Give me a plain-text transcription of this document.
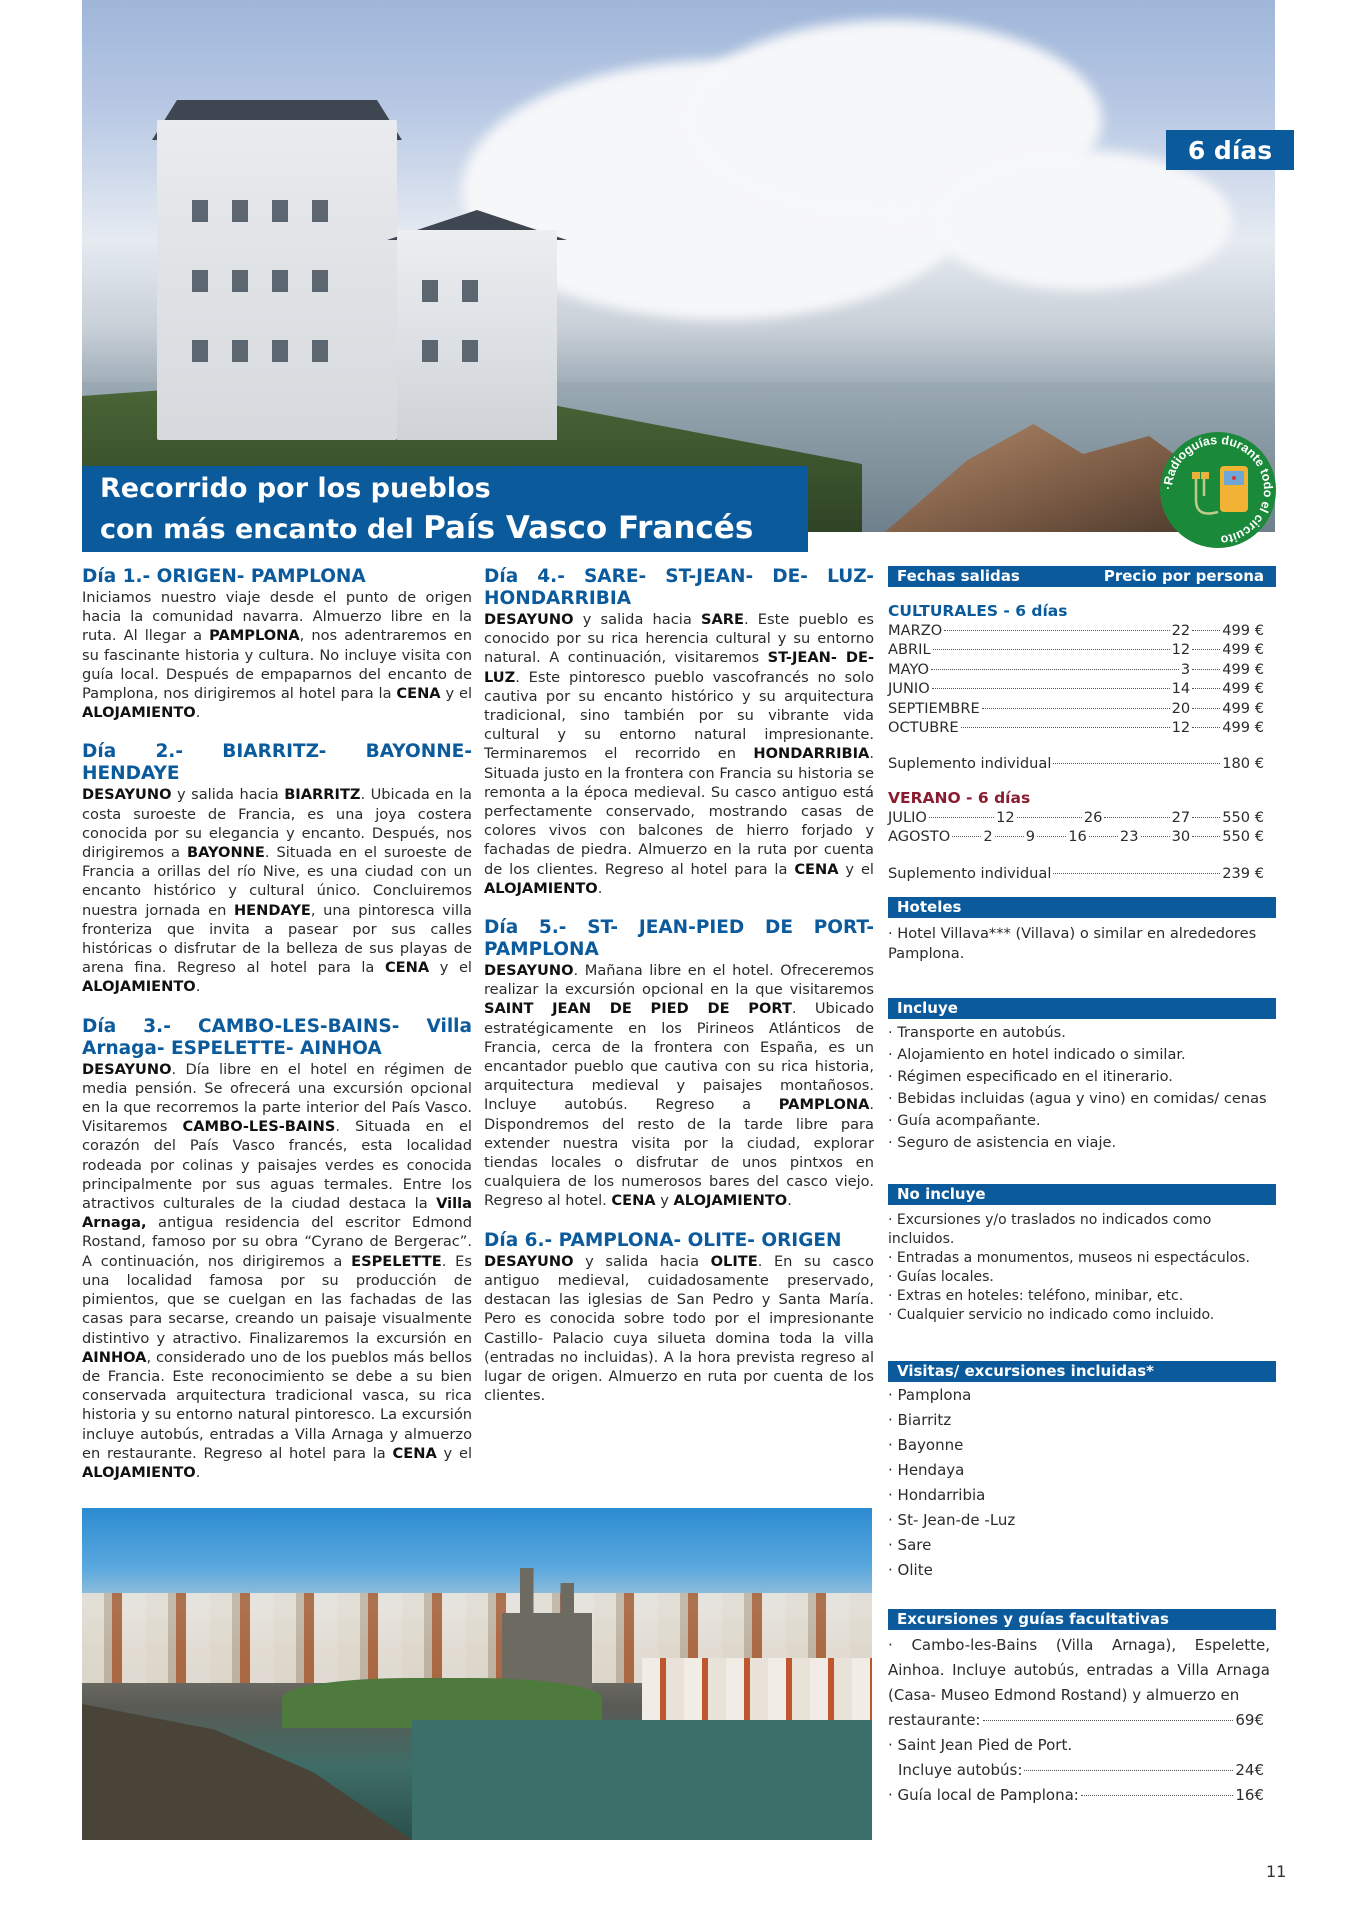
6 días
Recorrido por los pueblos
con más encanto del País Vasco Francés
·Radioguías durante todo el circuito
Día 1.- ORIGEN- PAMPLONA

Iniciamos nuestro viaje desde el punto de origen hacia la comunidad navarra. Almuerzo libre en la ruta. Al llegar a PAMPLONA, nos adentraremos en su fascinante historia y cultura. No incluye visita con guía local. Después de empaparnos del encanto de Pamplona, nos dirigiremos al hotel para la CENA y el ALOJAMIENTO.

Día 2.- BIARRITZ- BAYONNE- HENDAYE

DESAYUNO y salida hacia BIARRITZ. Ubicada en la costa suroeste de Francia, es una joya costera conocida por su elegancia y encanto. Después, nos dirigiremos a BAYONNE. Situada en el suroeste de Francia a orillas del río Nive, es una ciudad con un encanto histórico y cultural único. Concluiremos nuestra jornada en HENDAYE, una pintoresca villa fronteriza que invita a pasear por sus calles históricas o disfrutar de la belleza de sus playas de arena fina. Regreso al hotel para la CENA y el ALOJAMIENTO.

Día 3.- CAMBO-LES-BAINS- Villa Arnaga- ESPELETTE- AINHOA

DESAYUNO. Día libre en el hotel en régimen de media pensión. Se ofrecerá una excursión opcional en la que recorremos la parte interior del País Vasco. Visitaremos CAMBO-LES-BAINS. Situada en el corazón del País Vasco francés, esta localidad rodeada por colinas y paisajes verdes es conocida principalmente por sus aguas termales. Entre los atractivos culturales de la ciudad destaca la Villa Arnaga, antigua residencia del escritor Edmond Rostand, famoso por su obra “Cyrano de Bergerac”. A continuación, nos dirigiremos a ESPELETTE. Es una localidad famosa por su producción de pimientos, que se cuelgan en las fachadas de las casas para secarse, creando un paisaje visualmente distintivo y atractivo. Finalizaremos la excursión en AINHOA, considerado uno de los pueblos más bellos de Francia. Este reconocimiento se debe a su bien conservada arquitectura tradicional vasca, su rica historia y su entorno natural pintoresco. La excursión incluye autobús, entradas a Villa Arnaga y almuerzo en restaurante. Regreso al hotel para la CENA y el ALOJAMIENTO.

Día 4.- SARE- ST-JEAN- DE- LUZ- HONDARRIBIA

DESAYUNO y salida hacia SARE. Este pueblo es conocido por su rica herencia cultural y su entorno natural. A continuación, visitaremos ST-JEAN- DE- LUZ. Este pintoresco pueblo vascofrancés no solo cautiva por su encanto histórico y su arquitectura tradicional, sino también por su vibrante vida cultural y su entorno natural impresionante. Terminaremos el recorrido en HONDARRIBIA. Situada justo en la frontera con Francia su historia se remonta a la época medieval. Su casco antiguo está perfectamente conservado, mostrando casas de colores vivos con balcones de hierro forjado y fachadas de piedra. Almuerzo en la ruta por cuenta de los clientes. Regreso al hotel para la CENA y el ALOJAMIENTO.

Día 5.- ST- JEAN-PIED DE PORT- PAMPLONA

DESAYUNO. Mañana libre en el hotel. Ofreceremos realizar la excursión opcional en la que visitaremos SAINT JEAN DE PIED DE PORT. Ubicado estratégicamente en los Pirineos Atlánticos de Francia, cerca de la frontera con España, es un encantador pueblo que cautiva con su rica historia, arquitectura medieval y paisajes montañosos. Incluye autobús. Regreso a PAMPLONA. Dispondremos del resto de la tarde libre para extender nuestra visita por la ciudad, explorar tiendas locales o disfrutar de unos pintxos en cualquiera de los numerosos bares del casco viejo. Regreso al hotel. CENA y ALOJAMIENTO.

Día 6.- PAMPLONA- OLITE- ORIGEN

DESAYUNO y salida hacia OLITE. En su casco antiguo medieval, cuidadosamente preservado, destacan las iglesias de San Pedro y Santa María. Pero es conocida sobre todo por el impresionante Castillo- Palacio cuya silueta domina toda la villa (entradas no incluidas). A la hora prevista regreso al lugar de origen. Almuerzo en ruta por cuenta de los clientes.

Fechas salidas	Precio por persona
CULTURALES - 6 días
MARZO	22 499 €
ABRIL	12 499 €
MAYO	3 499 €
JUNIO	14 499 €
SEPTIEMBRE	20 499 €
OCTUBRE	12 499 €
Suplemento individual	180 €
VERANO - 6 días
JULIO	12	26	27 550 €
AGOSTO 2 9 16 23 30 550 €
Suplemento individual	239 €
Hoteles
· Hotel Villava*** (Villava) o similar en alrededores Pamplona.
Incluye
· Transporte en autobús.
· Alojamiento en hotel indicado o similar.
· Régimen especificado en el itinerario.
· Bebidas incluidas (agua y vino) en comidas/ cenas
· Guía acompañante.
· Seguro de asistencia en viaje.
No incluye
· Excursiones y/o traslados no indicados como incluidos.
· Entradas a monumentos, museos ni espectáculos.
· Guías locales.
· Extras en hoteles: teléfono, minibar, etc.
· Cualquier servicio no indicado como incluido.
Visitas/ excursiones incluidas*
· Pamplona
· Biarritz
· Bayonne
· Hendaya
· Hondarribia
· St- Jean-de -Luz
· Sare
· Olite
Excursiones y guías facultativas
· Cambo-les-Bains (Villa Arnaga), Espelette, Ainhoa. Incluye autobús, entradas a Villa Arnaga (Casa- Museo Edmond Rostand) y almuerzo en
restaurante:	69€
· Saint Jean Pied de Port.
Incluye autobús:	24€
· Guía local de Pamplona:	16€
11
